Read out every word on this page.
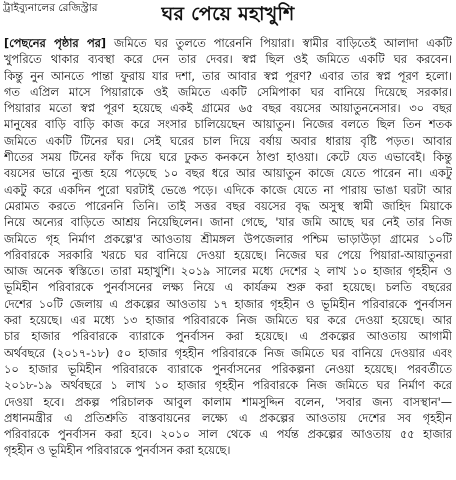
ট্রাইব্যুনালের রেজিস্ট্রার	ঘর পেয়ে মহাখুশি
[পেছনের পৃষ্ঠার পর] জমিতে ঘর তুলতে পারেননি পিয়ারা। স্বামীর বাড়িতেই আলাদা একটি
খুপরিতে থাকার ব্যবস্থা করে দেন তার দেবর। স্বপ্ন ছিল ওই জমিতে একটি ঘর করবেন।
কিন্তু নুন আনতে পান্তা ফুরায় যার দশা, তার আবার স্বপ্ন পূরণ? এবার তার স্বপ্ন পূরণ হলো।
গত এপ্রিল মাসে পিয়ারাকে ওই জমিতে একটি সেমিপাকা ঘর বানিয়ে দিয়েছে সরকার।
পিয়ারার মতো স্বপ্ন পূরণ হয়েছে একই গ্রামের ৬৫ বছর বয়সের আয়াতুননেসার। ৩০ বছর
মানুষের বাড়ি বাড়ি কাজ করে সংসার চালিয়েছেন আয়াতুন। নিজের বলতে ছিল তিন শতক
জমিতে একটি টিনের ঘর। সেই ঘরের চাল দিয়ে বর্ষায় অবার ধারায় বৃষ্টি পড়ত। আবার
শীতের সময় টিনের ফাঁক দিয়ে ঘরে ঢুকত কনকনে ঠাণ্ডা হাওয়া। কেটে যেত এভাবেই। কিন্তু
বয়সের ভারে ন্যুব্জ হয়ে পড়েছে ১০ বছর ধরে আর আয়াতুন কাজে যেতে পারেন না। একটু
একটু করে একদিন পুরো ঘরটাই ভেঙে পড়ে। এদিকে কাজে যেতে না পারায় ভাঙা ঘরটা আর
মেরামত করতে পারেননি তিনি। তাই সত্তর বছর বয়সের বৃদ্ধ অসুস্থ স্বামী জাহিদ মিয়াকে
নিয়ে অন্যের বাড়িতে আশ্রয় নিয়েছিলেন। জানা গেছে, 'যার জমি আছে ঘর নেই তার নিজ
জমিতে গৃহ নির্মাণ প্রকল্পে'র আওতায় শ্রীমঙ্গল উপজেলার পশ্চিম ভাড়াউড়া গ্রামের ১০টি
পরিবারকে সরকারি খরচে ঘর বানিয়ে দেওয়া হয়েছে। নিজের ঘর পেয়ে পিয়ারা-আয়াতুনরা
আজ অনেক স্বস্তিতে। তারা মহাখুশি। ২০১৯ সালের মধ্যে দেশের ২ লাখ ১০ হাজার গৃহহীন ও
ভূমিহীন পরিবারকে পুনর্বাসনের লক্ষ্য নিয়ে এ কার্যক্রম শুরু করা হয়েছে। চলতি বছরের
দেশের ১০টি জেলায় এ প্রকল্পের আওতায় ১৭ হাজার গৃহহীন ও ভূমিহীন পরিবারকে পুনর্বাসন
করা হয়েছে। এর মধ্যে ১৩ হাজার পরিবারকে নিজ জমিতে ঘর করে দেওয়া হয়েছে। আর
চার হাজার পরিবারকে ব্যারাকে পুনর্বাসন করা হয়েছে। এ প্রকল্পের আওতায় আগামী
অর্থবছরে (২০১৭-১৮) ৫০ হাজার গৃহহীন পরিবারকে নিজ জমিতে ঘর বানিয়ে দেওয়ার এবং
১০ হাজার ভূমিহীন পরিবারকে ব্যারাকে পুনর্বাসনের পরিকল্পনা নেওয়া হয়েছে। পরবর্তীতে
২০১৮-১৯ অর্থবছরে ১ লাখ ১০ হাজার গৃহহীন পরিবারকে নিজ জমিতে ঘর নির্মাণ করে
দেওয়া হবে। প্রকল্প পরিচালক আবুল কালাম শামসুদ্দিন বলেন, 'সবার জন্য বাসস্থান'—
প্রধানমন্ত্রীর এ প্রতিশ্রুতি বাস্তবায়নের লক্ষ্যে এ প্রকল্পের আওতায় দেশের সব গৃহহীন
পরিবারকে পুনর্বাসন করা হবে। ২০১০ সাল থেকে এ পর্যন্ত প্রকল্পের আওতায় ৫৫ হাজার
গৃহহীন ও ভূমিহীন পরিবারকে পুনর্বাসন করা হয়েছে।
